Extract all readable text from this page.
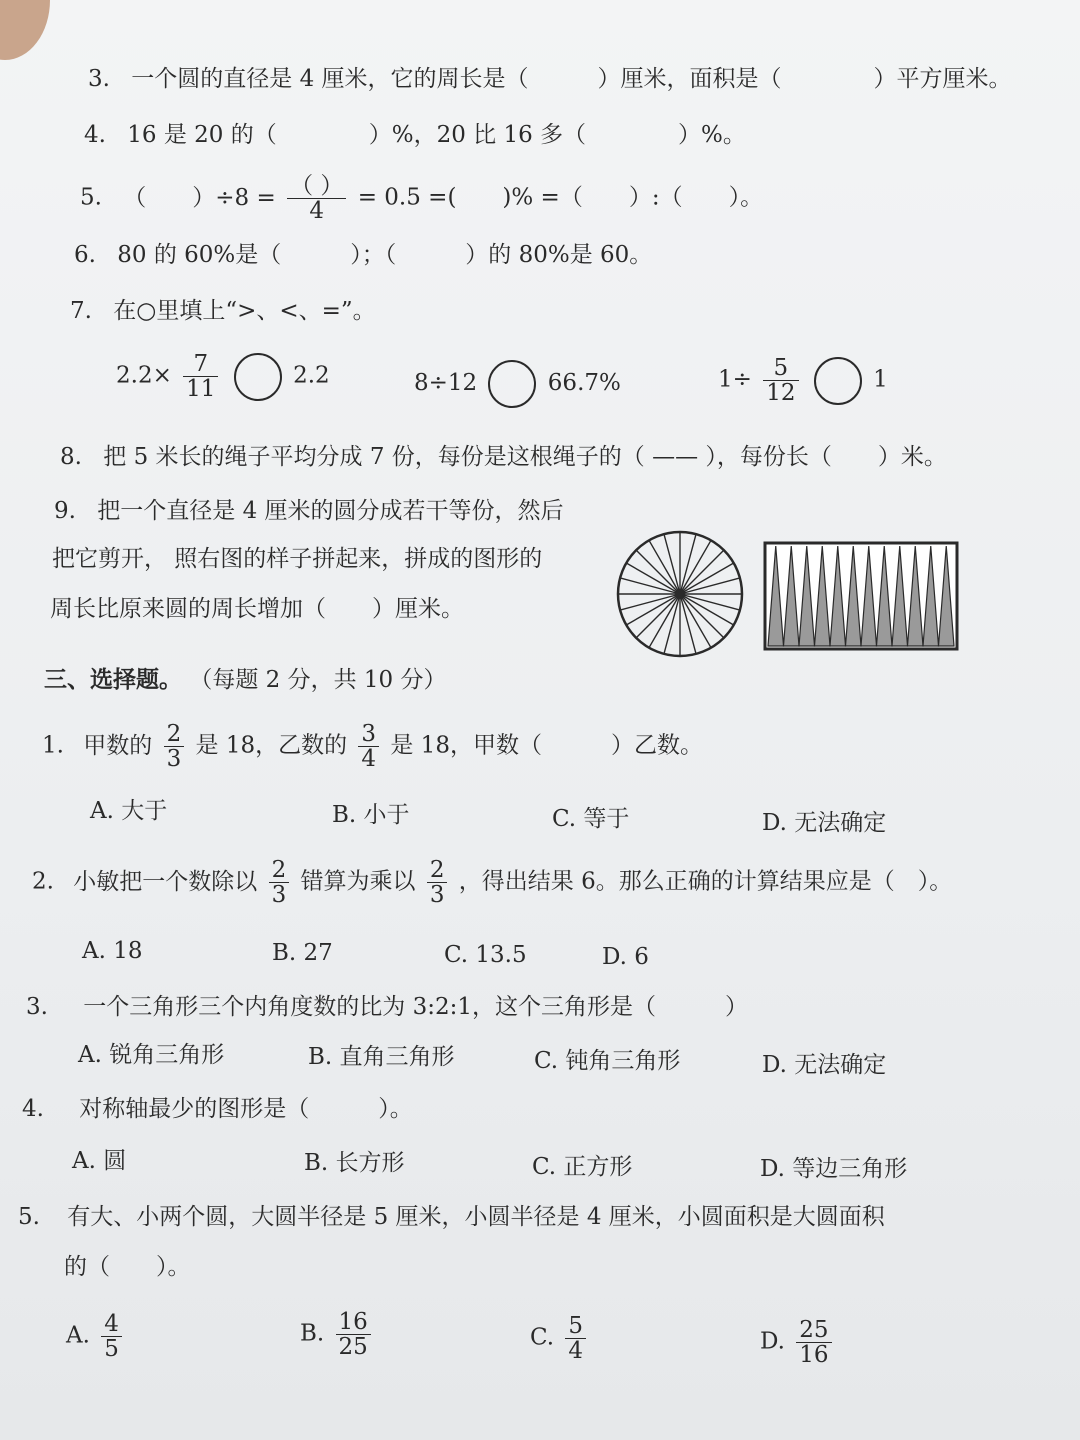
3. 一个圆的直径是 4 厘米，它的周长是（　　　）厘米，面积是（　　　　）平方厘米。
4. 16 是 20 的（　　　　）%，20 比 16 多（　　　　）%。
5. （　　）$\div 8 = \frac{( )}{4} = 0.5$ =(　　)% =（　　）:（　　）。
6. 80 的 60%是（　　　）；（　　　）的 80%是 60。
7. 在○里填上“>、<、=”。
$2.2\times \frac{7}{11}$	2.2	8÷12	66.7%	$1\div \frac{5}{12}$	1
8. 把 5 米长的绳子平均分成 7 份，每份是这根绳子的（ —— ），每份长（　　）米。
9. 把一个直径是 4 厘米的圆分成若干等份，然后
把它剪开， 照右图的样子拼起来，拼成的图形的
周长比原来圆的周长增加（　　）厘米。
三、选择题。 （每题 2 分，共 10 分）
1. 甲数的 $\frac{2}{3}$ 是 18，乙数的 $\frac{3}{4}$ 是 18，甲数（　　　）乙数。
A. 大于	B. 小于	C. 等于	D. 无法确定
2. 小敏把一个数除以 $\frac{2}{3}$ 错算为乘以 $\frac{2}{3}$ ，得出结果 6。那么正确的计算结果应是（　）。
A. 18	B. 27	C. 13.5	D. 6
3. 一个三角形三个内角度数的比为 3:2:1，这个三角形是（　　　）
A. 锐角三角形	B. 直角三角形	C. 钝角三角形	D. 无法确定
4. 对称轴最少的图形是（　　　）。
A. 圆	B. 长方形	C. 正方形	D. 等边三角形
5. 有大、小两个圆，大圆半径是 5 厘米，小圆半径是 4 厘米，小圆面积是大圆面积
的（　　）。
A. $\frac{4}{5}$	B. $\frac{16}{25}$	C. $\frac{5}{4}$	D. $\frac{25}{16}$
